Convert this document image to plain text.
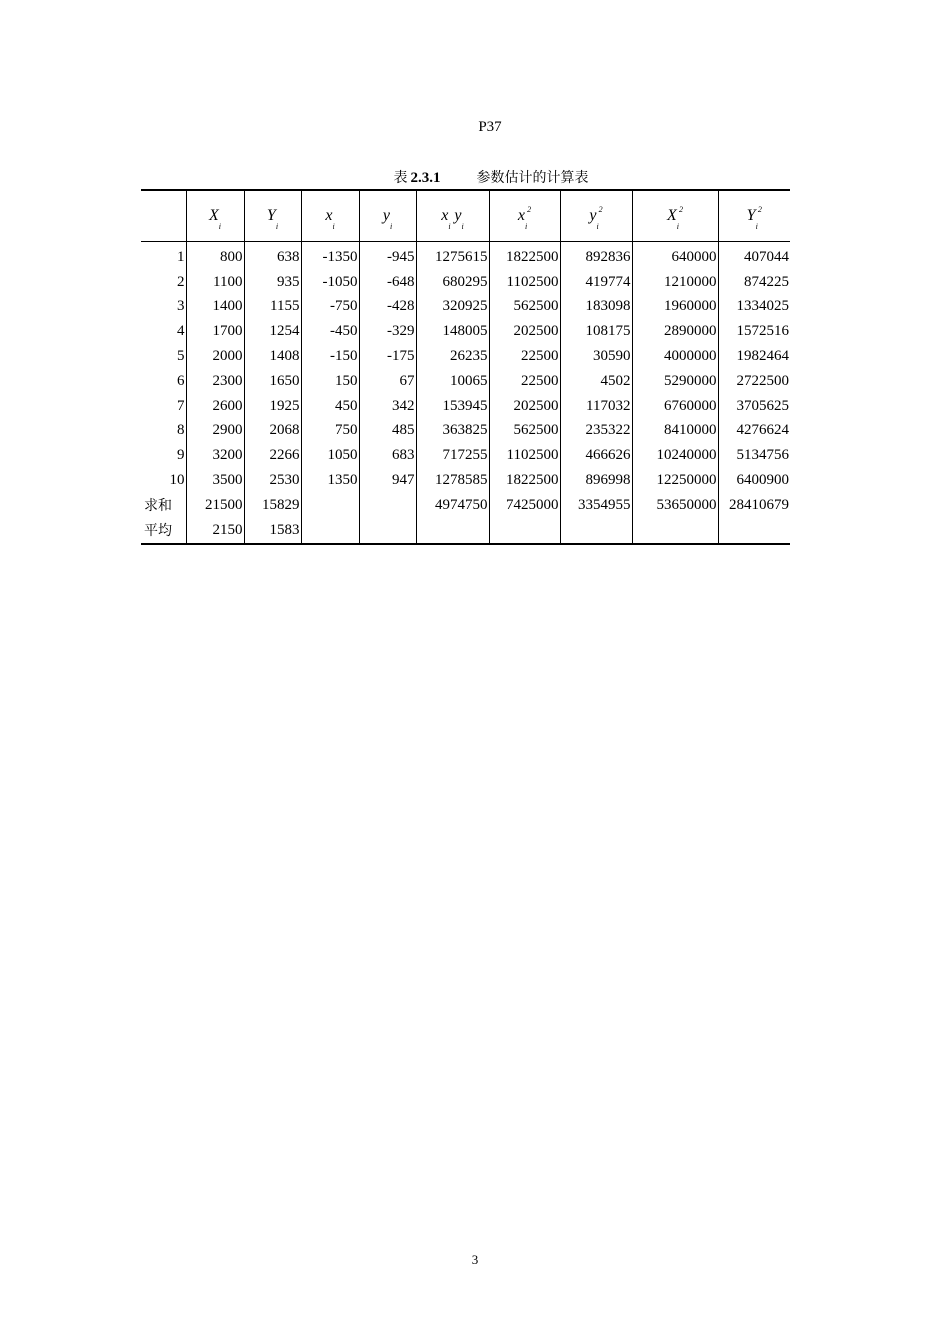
P37
表 2.3.1	参数估计的计算表
	$X_i$	$Y_i$	$x_i$	$y_i$	$x_i$ $y_i$	$x_i^2$	$y_i^2$	$X_i^2$	$Y_i^2$
1	800	638	-1350	-945	1275615	1822500	892836	640000	407044
2	1100	935	-1050	-648	680295	1102500	419774	1210000	874225
3	1400	1155	-750	-428	320925	562500	183098	1960000	1334025
4	1700	1254	-450	-329	148005	202500	108175	2890000	1572516
5	2000	1408	-150	-175	26235	22500	30590	4000000	1982464
6	2300	1650	150	67	10065	22500	4502	5290000	2722500
7	2600	1925	450	342	153945	202500	117032	6760000	3705625
8	2900	2068	750	485	363825	562500	235322	8410000	4276624
9	3200	2266	1050	683	717255	1102500	466626	10240000	5134756
10	3500	2530	1350	947	1278585	1822500	896998	12250000	6400900
求和	21500	15829			4974750	7425000	3354955	53650000	28410679
平均	2150	1583							
3
